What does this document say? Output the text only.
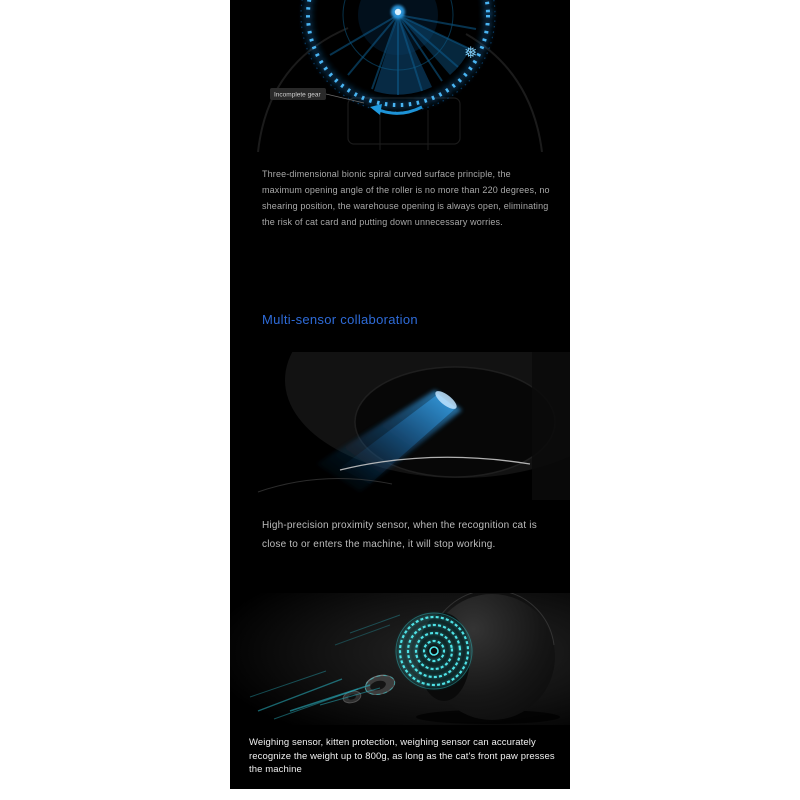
❅
Incomplete gear

Three-dimensional bionic spiral curved surface principle, the maximum opening angle of the roller is no more than 220 degrees, no shearing position, the warehouse opening is always open, eliminating the risk of cat card and putting down unnecessary worries.

Multi-sensor collaboration

High-precision proximity sensor, when the recognition cat is close to or enters the machine, it will stop working.

Weighing sensor, kitten protection, weighing sensor can accurately recognize the weight up to 800g, as long as the cat's front paw presses the machine
